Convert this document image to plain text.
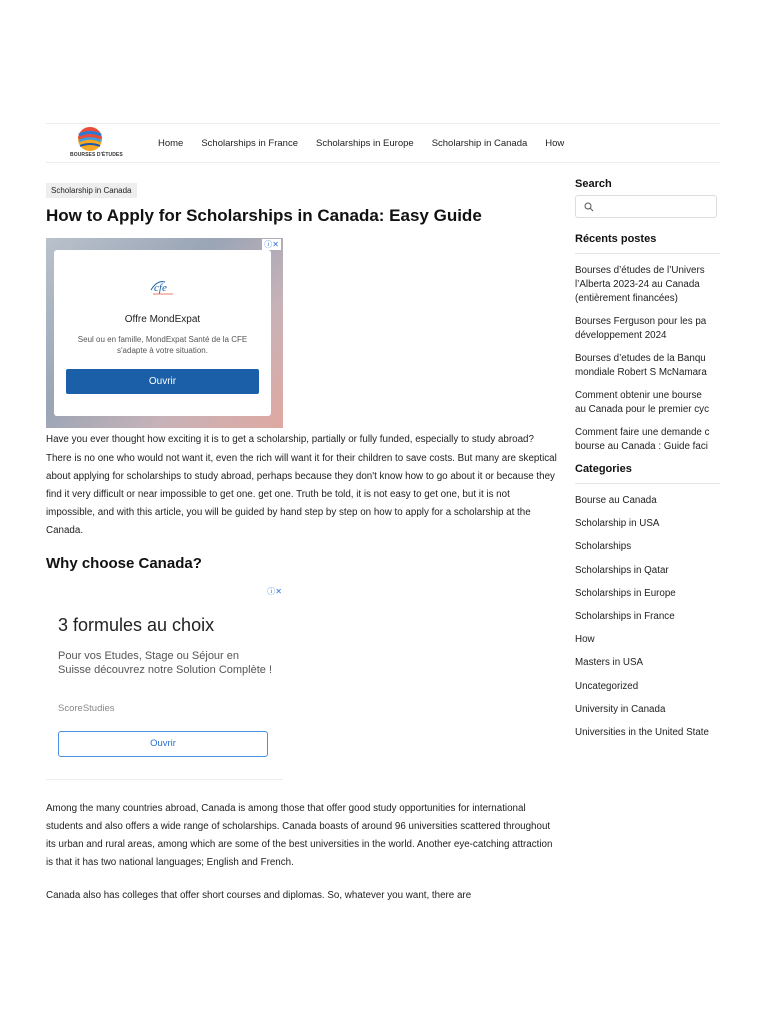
BOURSES D'ÉTUDES
Home Scholarships in France Scholarships in Europe Scholarship in Canada How
Scholarship in Canada
How to Apply for Scholarships in Canada: Easy Guide
ⓘ✕
cfe
Offre MondExpat
Seul ou en famille, MondExpat Santé de la CFE s'adapte à votre situation.
Ouvrir

Have you ever thought how exciting it is to get a scholarship, partially or fully funded, especially to study abroad? There is no one who would not want it, even the rich will want it for their children to save costs. But many are skeptical about applying for scholarships to study abroad, perhaps because they don't know how to go about it or because they find it very difficult or near impossible to get one. get one. Truth be told, it is not easy to get one, but it is not impossible, and with this article, you will be guided by hand step by step on how to apply for a scholarship at the Canada.

Why choose Canada?
ⓘ✕
3 formules au choix
Pour vos Etudes, Stage ou Séjour en Suisse découvrez notre Solution Complète !
ScoreStudies
Ouvrir

Among the many countries abroad, Canada is among those that offer good study opportunities for international students and also offers a wide range of scholarships. Canada boasts of around 96 universities scattered throughout its urban and rural areas, among which are some of the best universities in the world. Another eye-catching attraction is that it has two national languages; English and French.

Canada also has colleges that offer short courses and diplomas. So, whatever you want, there are

Search
Récents postes
Bourses d’études de l’Univers
l’Alberta 2023-24 au Canada
(entièrement financées)
Bourses Ferguson pour les pa
développement 2024
Bourses d’etudes de la Banqu
mondiale Robert S McNamara
Comment obtenir une bourse
au Canada pour le premier cyc
Comment faire une demande c
bourse au Canada : Guide faci
Categories
Bourse au Canada
Scholarship in USA
Scholarships
Scholarships in Qatar
Scholarships in Europe
Scholarships in France
How
Masters in USA
Uncategorized
University in Canada
Universities in the United State
